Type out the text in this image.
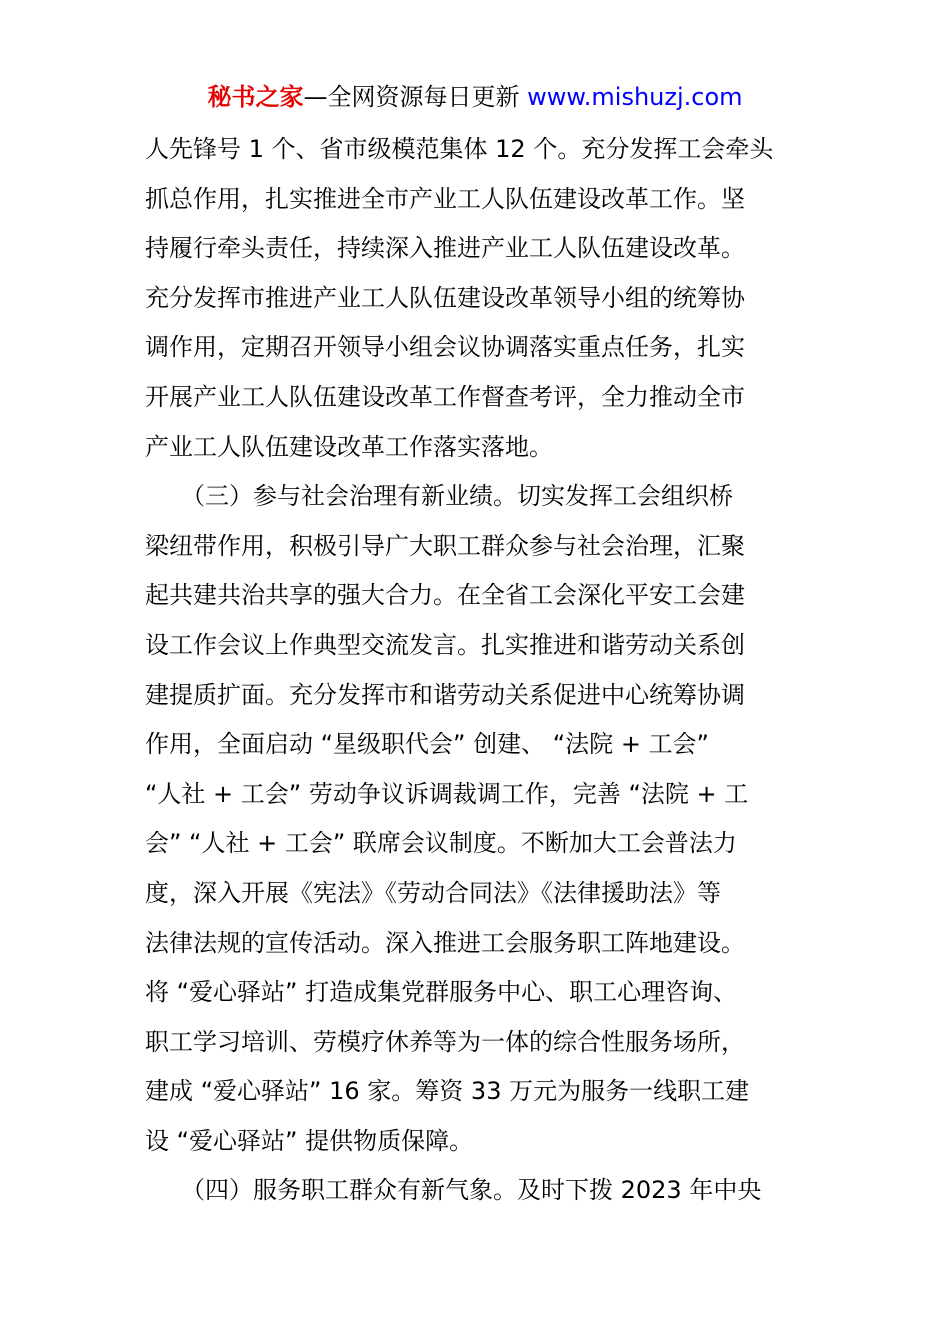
秘书之家—全网资源每日更新 www.mishuzj.com
人先锋号 1 个、省市级模范集体 12 个。充分发挥工会牵头
抓总作用，扎实推进全市产业工人队伍建设改革工作。坚
持履行牵头责任，持续深入推进产业工人队伍建设改革。
充分发挥市推进产业工人队伍建设改革领导小组的统筹协
调作用，定期召开领导小组会议协调落实重点任务，扎实
开展产业工人队伍建设改革工作督查考评，全力推动全市
产业工人队伍建设改革工作落实落地。
　　（三）参与社会治理有新业绩。切实发挥工会组织桥
梁纽带作用，积极引导广大职工群众参与社会治理，汇聚
起共建共治共享的强大合力。在全省工会深化平安工会建
设工作会议上作典型交流发言。扎实推进和谐劳动关系创
建提质扩面。充分发挥市和谐劳动关系促进中心统筹协调
作用，全面启动 “星级职代会” 创建、 “法院 + 工会”
“人社 + 工会” 劳动争议诉调裁调工作，完善 “法院 + 工
会” “人社 + 工会” 联席会议制度。不断加大工会普法力
度，深入开展《宪法》《劳动合同法》《法律援助法》等
法律法规的宣传活动。深入推进工会服务职工阵地建设。
将 “爱心驿站” 打造成集党群服务中心、职工心理咨询、
职工学习培训、劳模疗休养等为一体的综合性服务场所，
建成 “爱心驿站” 16 家。筹资 33 万元为服务一线职工建
设 “爱心驿站” 提供物质保障。
　　（四）服务职工群众有新气象。及时下拨 2023 年中央
